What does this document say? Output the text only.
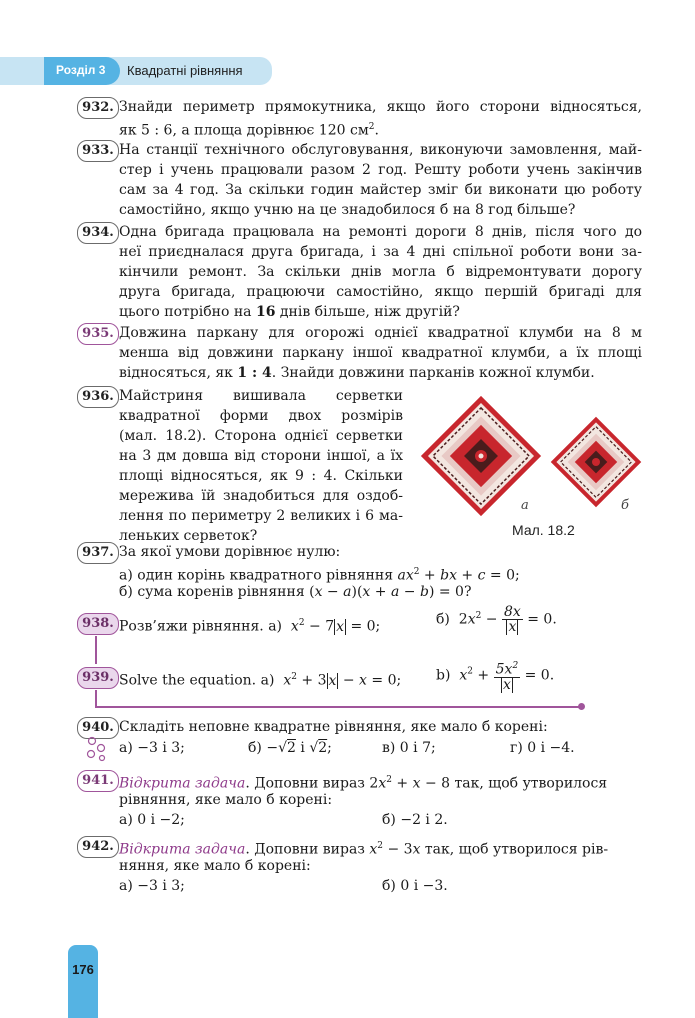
Розділ 3 Квадратні рівняння
932. Знайди периметр прямокутника, якщо його сторони відносяться,
як 5 : 6, а площа дорівнює 120 $см^2$.
933. На станції технічного обслуговування, виконуючи замовлення, май-
стер і учень працювали разом 2 год. Решту роботи учень закінчив
сам за 4 год. За скільки годин майстер зміг би виконати цю роботу
самостійно, якщо учню на це знадобилося б на 8 год більше?
934. Одна бригада працювала на ремонті дороги 8 днів, після чого до
неї приєдналася друга бригада, і за 4 дні спільної роботи вони за-
кінчили ремонт. За скільки днів могла б відремонтувати дорогу
друга бригада, працюючи самостійно, якщо першій бригаді для
цього потрібно на 16 днів більше, ніж другій?
935. Довжина паркану для огорожі однієї квадратної клумби на 8 м
менша від довжини паркану іншої квадратної клумби, а їх площі
відносяться, як 1 : 4. Знайди довжини парканів кожної клумби.
936. Майстриня вишивала серветки
квадратної форми двох розмірів
(мал. 18.2). Сторона однієї серветки
на 3 дм довша від сторони іншої, а їх
площі відносяться, як 9 : 4. Скільки
мережива їй знадобиться для оздоб-
лення по периметру 2 великих і 6 ма-
леньких серветок?
а	б
Мал. 18.2
937. За якої умови дорівнює нулю:
а) один корінь квадратного рівняння $ax^2$ + bx + c = 0;
б) сума коренів рівняння (x − a)(x + a − b) = 0?
938. Розв’яжи рівняння. а) $x^2 - 7$ x = 0;	б)  $2x^2 - \frac{8x}{x} = 0$.
939. Solve the equation. a) $x^2 + 3$ x − x = 0; b) $x^2 + \frac{5x^2}{x} = 0$.
940. Складіть неповне квадратне рівняння, яке мало б корені:
а) −3 і 3;	б) −√2 і √2;	в) 0 і 7;	г) 0 і −4.
941. Відкрита задача. Доповни вираз $2x^2 + x - 8$ так, щоб утворилося
рівняння, яке мало б корені:
а) 0 і −2;	б) −2 і 2.
942. Відкрита задача. Доповни вираз $x^2 - 3x$ так, щоб утворилося рів-
няння, яке мало б корені:
а) −3 і 3;	б) 0 і −3.
176
